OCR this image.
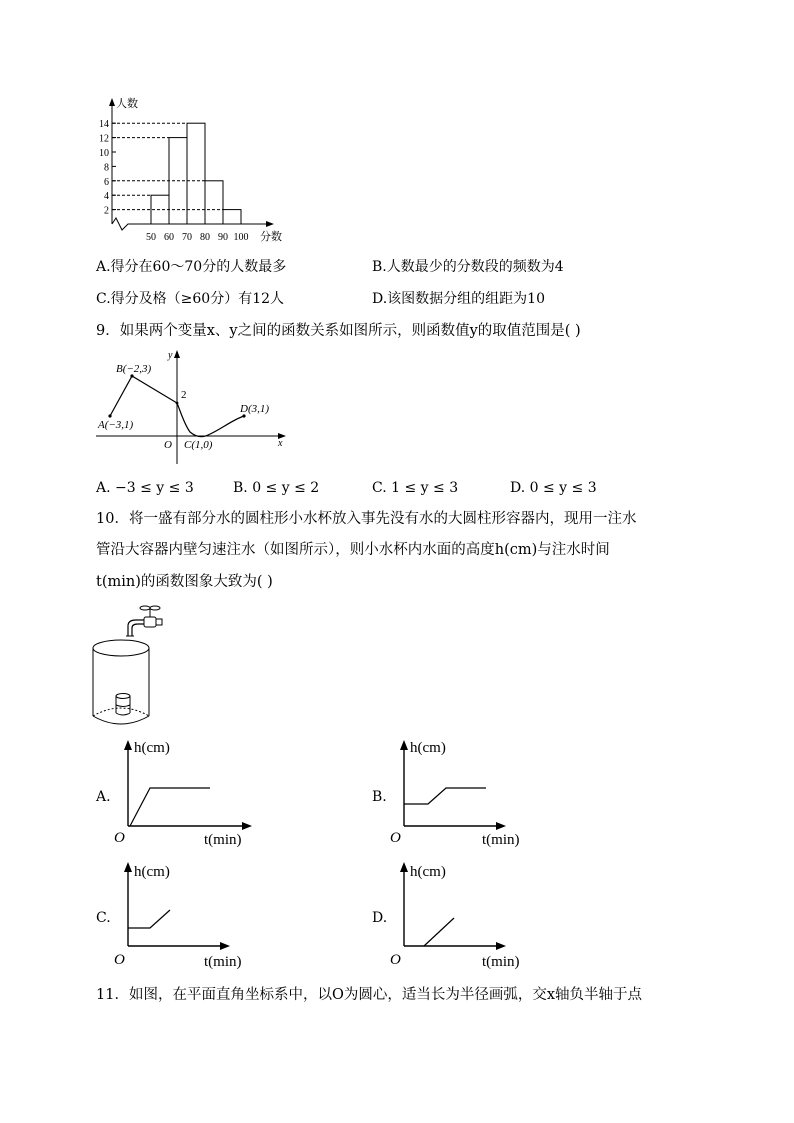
人数
分数
2
4
6
8
10
12
14
50 60 70 80 90 100
A.得分在60～70分的人数最多	B.人数最少的分数段的频数为4
C.得分及格（≥60分）有12人	D.该图数据分组的组距为10
9．如果两个变量x、y之间的函数关系如图所示，则函数值y的取值范围是( )
B(−2,3)
A(−3,1)
D(3,1)
C(1,0)
2
O	x
y
A. −3 ≤ y ≤ 3	B. 0 ≤ y ≤ 2	C. 1 ≤ y ≤ 3	D. 0 ≤ y ≤ 3
10．将一盛有部分水的圆柱形小水杯放入事先没有水的大圆柱形容器内，现用一注水
管沿大容器内壁匀速注水（如图所示），则小水杯内水面的高度h(cm)与注水时间
t(min)的函数图象大致为( )
A.
h(cm)
t(min)
O
B.
h(cm)
t(min)
O
C.
h(cm)
t(min)
O
D.
h(cm)
t(min)
O
11．如图，在平面直角坐标系中，以O为圆心，适当长为半径画弧，交x轴负半轴于点
